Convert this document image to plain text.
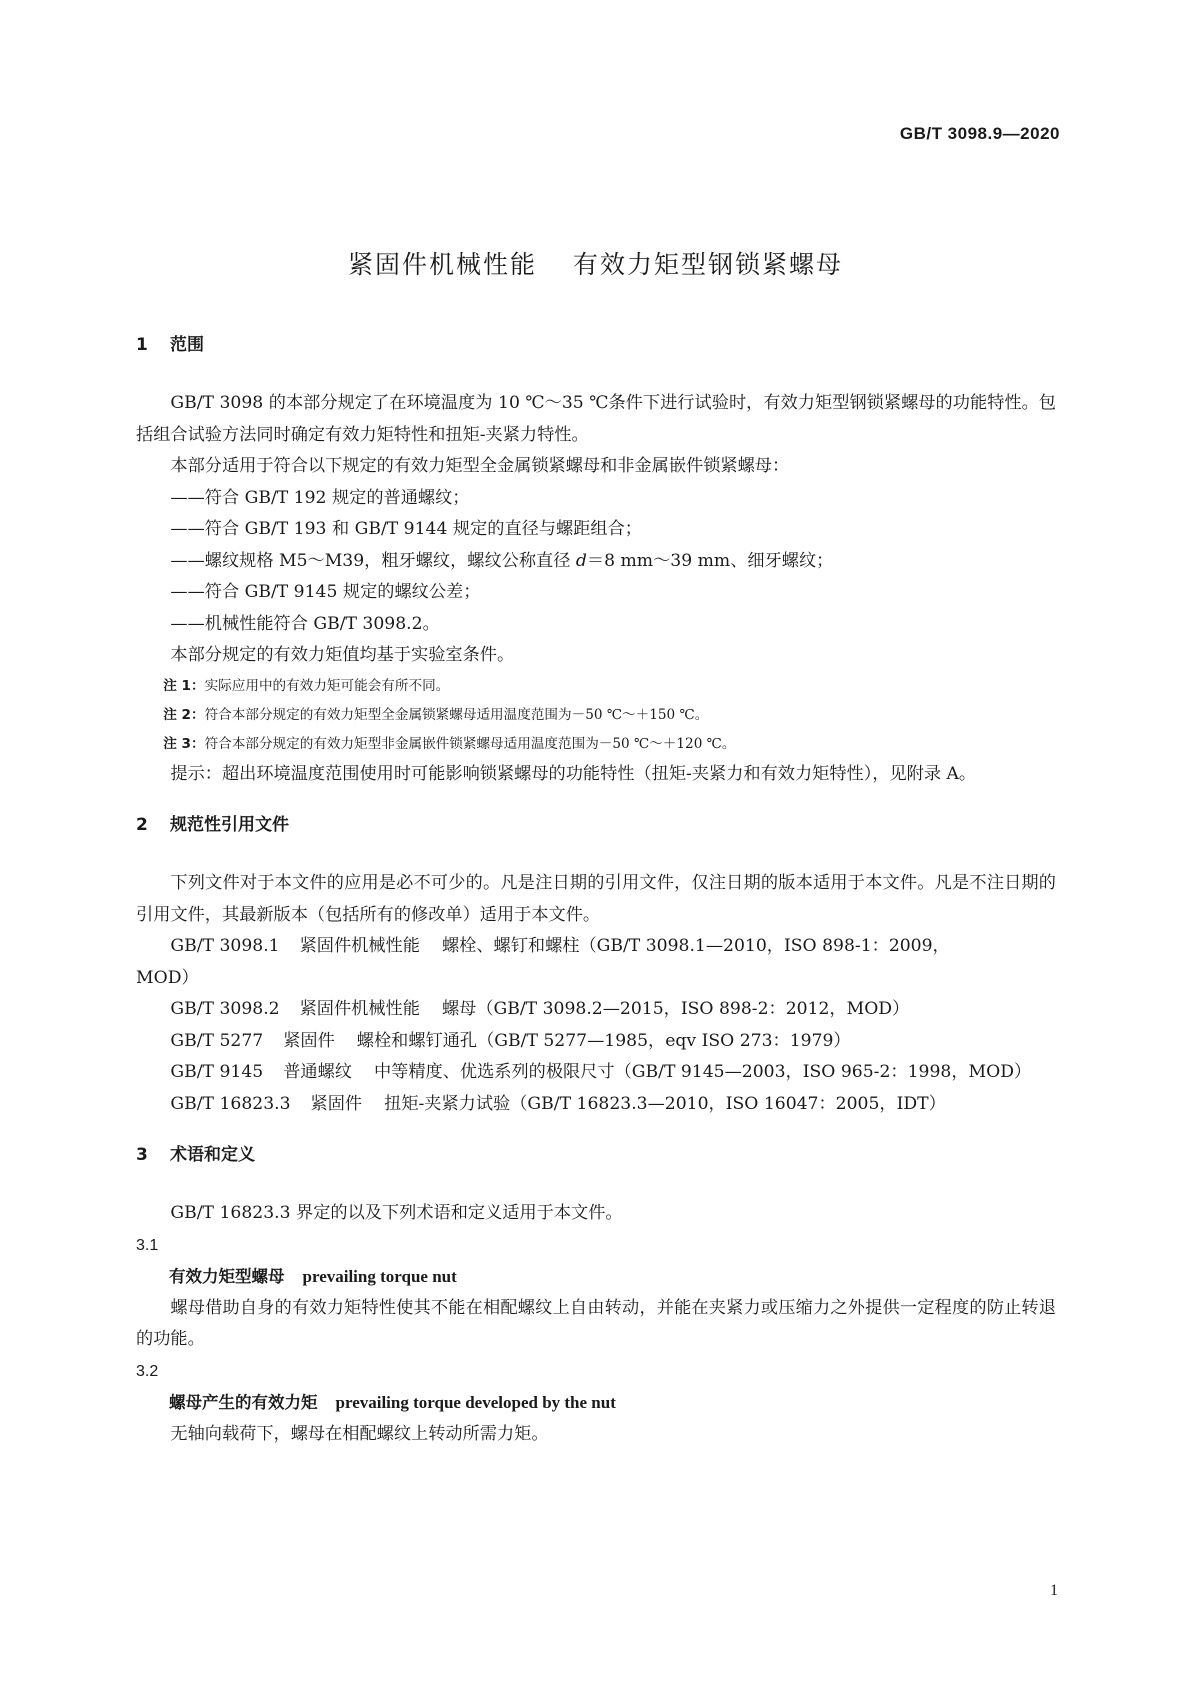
GB/T 3098.9—2020
紧固件机械性能 有效力矩型钢锁紧螺母
1 范围

GB/T 3098 的本部分规定了在环境温度为 10 ℃～35 ℃条件下进行试验时，有效力矩型钢锁紧螺母的功能特性。包括组合试验方法同时确定有效力矩特性和扭矩-夹紧力特性。

本部分适用于符合以下规定的有效力矩型全金属锁紧螺母和非金属嵌件锁紧螺母：

——符合 GB/T 192 规定的普通螺纹；

——符合 GB/T 193 和 GB/T 9144 规定的直径与螺距组合；

——螺纹规格 M5～M39，粗牙螺纹，螺纹公称直径 d＝8 mm～39 mm、细牙螺纹；

——符合 GB/T 9145 规定的螺纹公差；

——机械性能符合 GB/T 3098.2。

本部分规定的有效力矩值均基于实验室条件。

注 1：实际应用中的有效力矩可能会有所不同。

注 2：符合本部分规定的有效力矩型全金属锁紧螺母适用温度范围为－50 ℃～＋150 ℃。

注 3：符合本部分规定的有效力矩型非金属嵌件锁紧螺母适用温度范围为－50 ℃～＋120 ℃。

提示：超出环境温度范围使用时可能影响锁紧螺母的功能特性（扭矩-夹紧力和有效力矩特性），见附录 A。

2 规范性引用文件

下列文件对于本文件的应用是必不可少的。凡是注日期的引用文件，仅注日期的版本适用于本文件。凡是不注日期的引用文件，其最新版本（包括所有的修改单）适用于本文件。

GB/T 3098.1 紧固件机械性能 螺栓、螺钉和螺柱（GB/T 3098.1—2010，ISO 898-1：2009，

MOD）

GB/T 3098.2 紧固件机械性能 螺母（GB/T 3098.2—2015，ISO 898-2：2012，MOD）

GB/T 5277 紧固件 螺栓和螺钉通孔（GB/T 5277—1985，eqv ISO 273：1979）

GB/T 9145 普通螺纹 中等精度、优选系列的极限尺寸（GB/T 9145—2003，ISO 965-2：1998，MOD）

GB/T 16823.3 紧固件 扭矩-夹紧力试验（GB/T 16823.3—2010，ISO 16047：2005，IDT）

3 术语和定义

GB/T 16823.3 界定的以及下列术语和定义适用于本文件。

3.1

有效力矩型螺母 prevailing torque nut

螺母借助自身的有效力矩特性使其不能在相配螺纹上自由转动，并能在夹紧力或压缩力之外提供一定程度的防止转退的功能。

3.2

螺母产生的有效力矩 prevailing torque developed by the nut

无轴向载荷下，螺母在相配螺纹上转动所需力矩。

1
